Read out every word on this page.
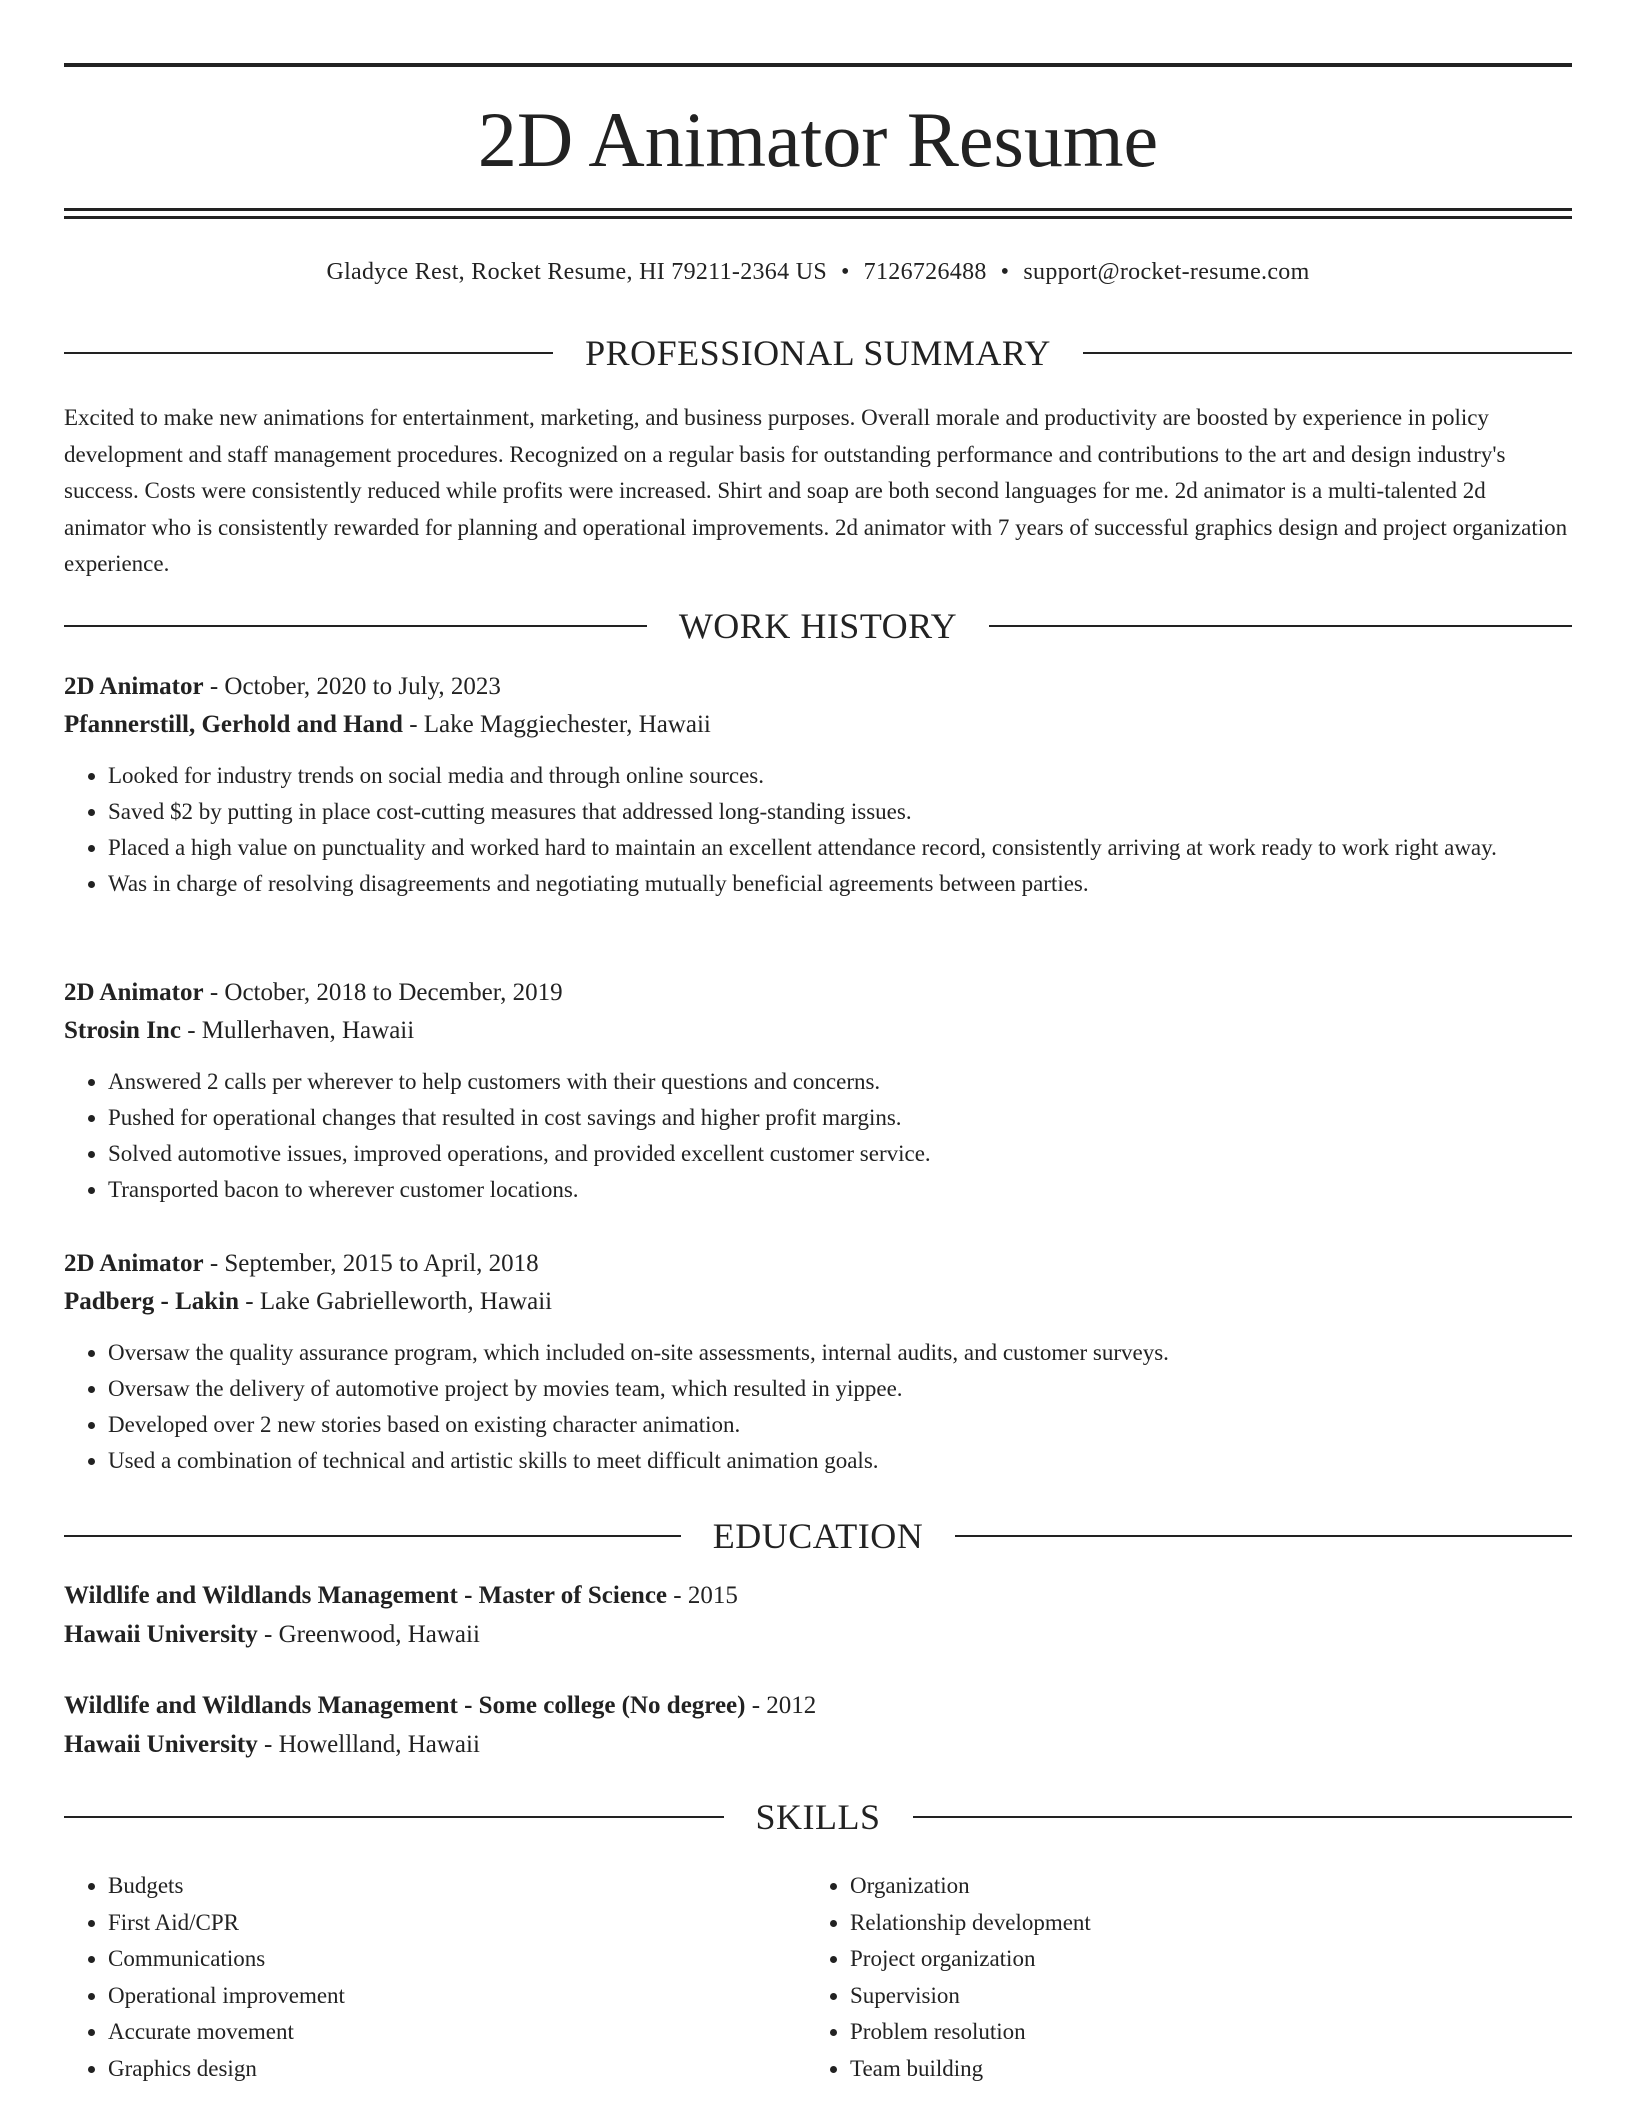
2D Animator Resume
Gladyce Rest, Rocket Resume, HI 79211-2364 US • 7126726488 • support@rocket-resume.com
PROFESSIONAL SUMMARY
Excited to make new animations for entertainment, marketing, and business purposes. Overall morale and productivity are boosted by experience in policy development and staff management procedures. Recognized on a regular basis for outstanding performance and contributions to the art and design industry's success. Costs were consistently reduced while profits were increased. Shirt and soap are both second languages for me. 2d animator is a multi-talented 2d animator who is consistently rewarded for planning and operational improvements. 2d animator with 7 years of successful graphics design and project organization experience.
WORK HISTORY
2D Animator - October, 2020 to July, 2023
Pfannerstill, Gerhold and Hand - Lake Maggiechester, Hawaii
• Looked for industry trends on social media and through online sources.
• Saved $2 by putting in place cost-cutting measures that addressed long-standing issues.
• Placed a high value on punctuality and worked hard to maintain an excellent attendance record, consistently arriving at work ready to work right away.
• Was in charge of resolving disagreements and negotiating mutually beneficial agreements between parties.
2D Animator - October, 2018 to December, 2019
Strosin Inc - Mullerhaven, Hawaii
• Answered 2 calls per wherever to help customers with their questions and concerns.
• Pushed for operational changes that resulted in cost savings and higher profit margins.
• Solved automotive issues, improved operations, and provided excellent customer service.
• Transported bacon to wherever customer locations.
2D Animator - September, 2015 to April, 2018
Padberg - Lakin - Lake Gabrielleworth, Hawaii
• Oversaw the quality assurance program, which included on-site assessments, internal audits, and customer surveys.
• Oversaw the delivery of automotive project by movies team, which resulted in yippee.
• Developed over 2 new stories based on existing character animation.
• Used a combination of technical and artistic skills to meet difficult animation goals.
EDUCATION
Wildlife and Wildlands Management - Master of Science - 2015
Hawaii University - Greenwood, Hawaii
Wildlife and Wildlands Management - Some college (No degree) - 2012
Hawaii University - Howellland, Hawaii
SKILLS
• Budgets
• First Aid/CPR
• Communications
• Operational improvement
• Accurate movement
• Graphics design
• Organization
• Relationship development
• Project organization
• Supervision
• Problem resolution
• Team building
